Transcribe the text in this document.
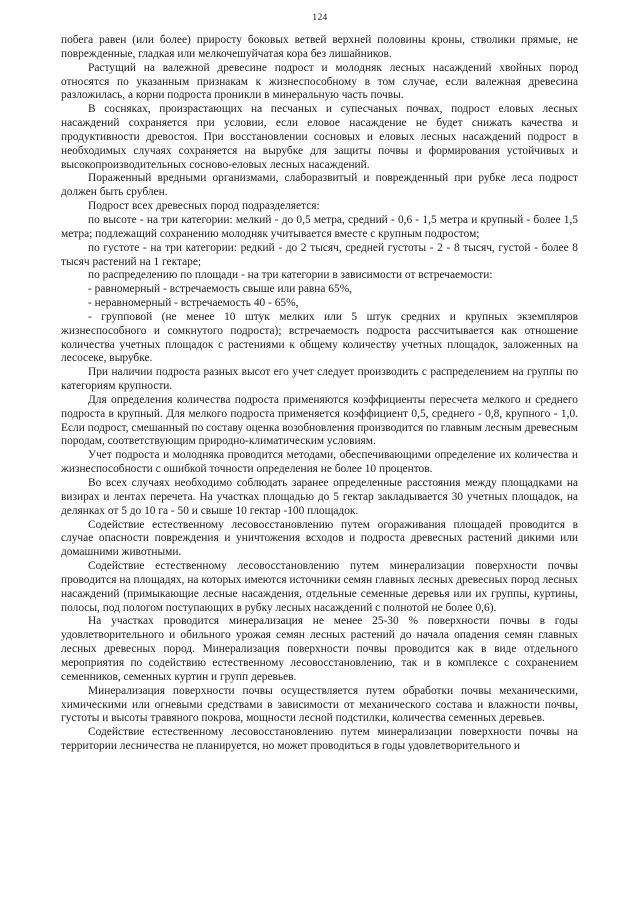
124

побега равен (или более) приросту боковых ветвей верхней половины кроны, стволики прямые, не поврежденные, гладкая или мелкочешуйчатая кора без лишайников.

Растущий на валежной древесине подрост и молодняк лесных насаждений хвойных пород относятся по указанным признакам к жизнеспособному в том случае, если валежная древесина разложилась, а корни подроста проникли в минеральную часть почвы.

В сосняках, произрастающих на песчаных и супесчаных почвах, подрост еловых лесных насаждений сохраняется при условии, если еловое насаждение не будет снижать качества и продуктивности древостоя. При восстановлении сосновых и еловых лесных насаждений подрост в необходимых случаях сохраняется на вырубке для защиты почвы и формирования устойчивых и высокопроизводительных сосново-еловых лесных насаждений.

Пораженный вредными организмами, слаборазвитый и поврежденный при рубке леса подрост должен быть срублен.

Подрост всех древесных пород подразделяется:

по высоте - на три категории: мелкий - до 0,5 метра, средний - 0,6 - 1,5 метра и крупный - более 1,5 метра; подлежащий сохранению молодняк учитывается вместе с крупным подростом;

по густоте - на три категории: редкий - до 2 тысяч, средней густоты - 2 - 8 тысяч, густой - более 8 тысяч растений на 1 гектаре;

по распределению по площади - на три категории в зависимости от встречаемости:

- равномерный - встречаемость свыше или равна 65%,

- неравномерный - встречаемость 40 - 65%,

- групповой (не менее 10 штук мелких или 5 штук средних и крупных экземпляров жизнеспособного и сомкнутого подроста); встречаемость подроста рассчитывается как отношение количества учетных площадок с растениями к общему количеству учетных площадок, заложенных на лесосеке, вырубке.

При наличии подроста разных высот его учет следует производить с распределением на группы по категориям крупности.

Для определения количества подроста применяются коэффициенты пересчета мелкого и среднего подроста в крупный. Для мелкого подроста применяется коэффициент 0,5, среднего - 0,8, крупного - 1,0. Если подрост, смешанный по составу оценка возобновления производится по главным лесным древесным породам, соответствующим природно-климатическим условиям.

Учет подроста и молодняка проводится методами, обеспечивающими определение их количества и жизнеспособности с ошибкой точности определения не более 10 процентов.

Во всех случаях необходимо соблюдать заранее определенные расстояния между площадками на визирах и лентах перечета. На участках площадью до 5 гектар закладывается 30 учетных площадок, на делянках от 5 до 10 га - 50 и свыше 10 гектар -100 площадок.

Содействие естественному лесовосстановлению путем огораживания площадей проводится в случае опасности повреждения и уничтожения всходов и подроста древесных растений дикими или домашними животными.

Содействие естественному лесовосстановлению путем минерализации поверхности почвы проводится на площадях, на которых имеются источники семян главных лесных древесных пород лесных насаждений (примыкающие лесные насаждения, отдельные семенные деревья или их группы, куртины, полосы, под пологом поступающих в рубку лесных насаждений с полнотой не более 0,6).

На участках проводится минерализация не менее 25-30 % поверхности почвы в годы удовлетворительного и обильного урожая семян лесных растений до начала опадения семян главных лесных древесных пород. Минерализация поверхности почвы проводится как в виде отдельного мероприятия по содействию естественному лесовосстановлению, так и в комплексе с сохранением семенников, семенных куртин и групп деревьев.

Минерализация поверхности почвы осуществляется путем обработки почвы механическими, химическими или огневыми средствами в зависимости от механического состава и влажности почвы, густоты и высоты травяного покрова, мощности лесной подстилки, количества семенных деревьев.

Содействие естественному лесовосстановлению путем минерализации поверхности почвы на территории лесничества не планируется, но может проводиться в годы удовлетворительного и
